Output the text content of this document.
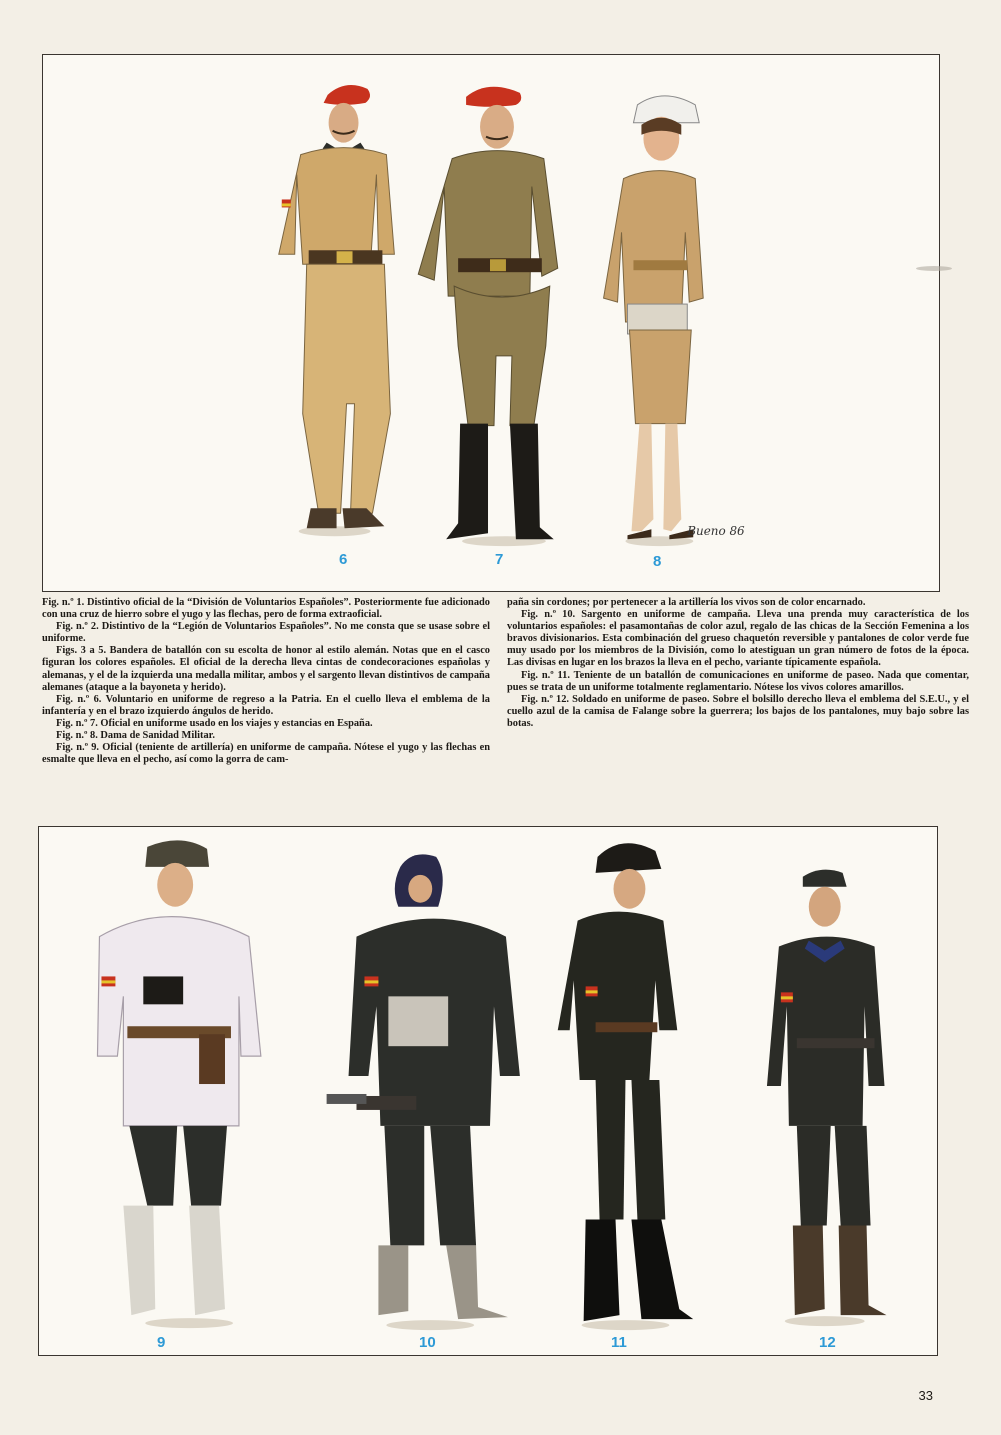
Bueno 86
6	7	8

Fig. n.º 1. Distintivo oficial de la “División de Voluntarios Españoles”. Posteriormente fue adicionado con una cruz de hierro sobre el yugo y las flechas, pero de forma extraoficial.

Fig. n.º 2. Distintivo de la “Legión de Voluntarios Españoles”. No me consta que se usase sobre el uniforme.

Figs. 3 a 5. Bandera de batallón con su escolta de honor al estilo alemán. Notas que en el casco figuran los colores españoles. El oficial de la derecha lleva cintas de condecoraciones españolas y alemanas, y el de la izquierda una medalla militar, ambos y el sargento llevan distintivos de campaña alemanes (ataque a la bayoneta y herido).

Fig. n.º 6. Voluntario en uniforme de regreso a la Patria. En el cuello lleva el emblema de la infantería y en el brazo izquierdo ángulos de herido.

Fig. n.º 7. Oficial en uniforme usado en los viajes y estancias en España.

Fig. n.º 8. Dama de Sanidad Militar.

Fig. n.º 9. Oficial (teniente de artillería) en uniforme de campaña. Nótese el yugo y las flechas en esmalte que lleva en el pecho, así como la gorra de cam-

paña sin cordones; por pertenecer a la artillería los vivos son de color encarnado.

Fig. n.º 10. Sargento en uniforme de campaña. Lleva una prenda muy característica de los voluntarios españoles: el pasamontañas de color azul, regalo de las chicas de la Sección Femenina a los bravos divisionarios. Esta combinación del grueso chaquetón reversible y pantalones de color verde fue muy usado por los miembros de la División, como lo atestiguan un gran número de fotos de la época. Las divisas en lugar en los brazos la lleva en el pecho, variante típicamente española.

Fig. n.º 11. Teniente de un batallón de comunicaciones en uniforme de paseo. Nada que comentar, pues se trata de un uniforme totalmente reglamentario. Nótese los vivos colores amarillos.

Fig. n.º 12. Soldado en uniforme de paseo. Sobre el bolsillo derecho lleva el emblema del S.E.U., y el cuello azul de la camisa de Falange sobre la guerrera; los bajos de los pantalones, muy bajo sobre las botas.

9	10	11	12
33
